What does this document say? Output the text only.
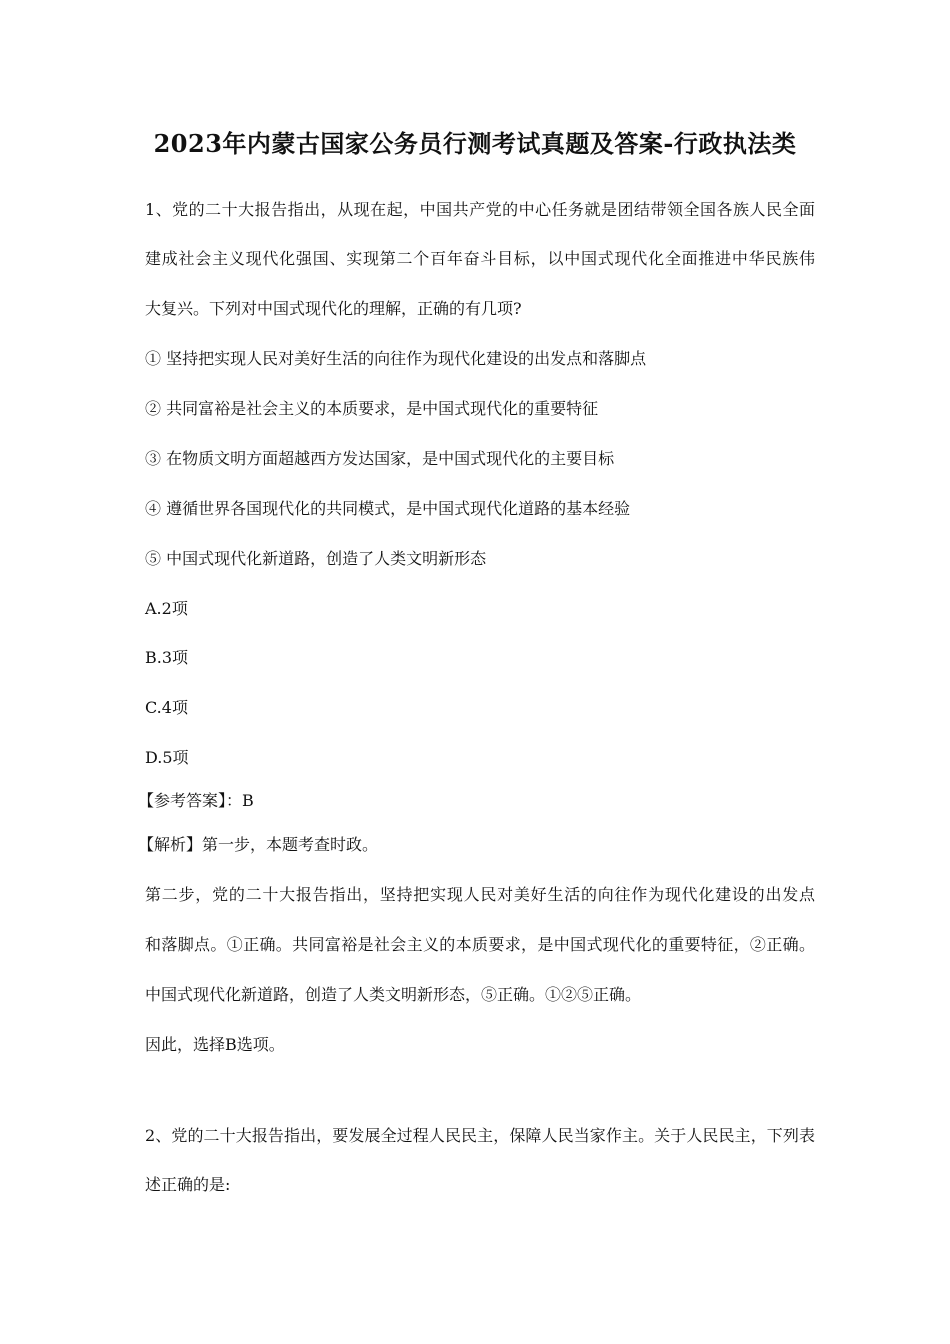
2023年内蒙古国家公务员行测考试真题及答案-行政执法类
1、党的二十大报告指出，从现在起，中国共产党的中心任务就是团结带领全国各族人民全面
建成社会主义现代化强国、实现第二个百年奋斗目标，以中国式现代化全面推进中华民族伟
大复兴。下列对中国式现代化的理解，正确的有几项?
① 坚持把实现人民对美好生活的向往作为现代化建设的出发点和落脚点
② 共同富裕是社会主义的本质要求，是中国式现代化的重要特征
③ 在物质文明方面超越西方发达国家，是中国式现代化的主要目标
④ 遵循世界各国现代化的共同模式，是中国式现代化道路的基本经验
⑤ 中国式现代化新道路，创造了人类文明新形态
A.2项
B.3项
C.4项
D.5项
【参考答案】：B
【解析】第一步，本题考查时政。
第二步，党的二十大报告指出，坚持把实现人民对美好生活的向往作为现代化建设的出发点
和落脚点。①正确。共同富裕是社会主义的本质要求，是中国式现代化的重要特征，②正确。
中国式现代化新道路，创造了人类文明新形态，⑤正确。①②⑤正确。
因此，选择B选项。
2、党的二十大报告指出，要发展全过程人民民主，保障人民当家作主。关于人民民主，下列表
述正确的是:
